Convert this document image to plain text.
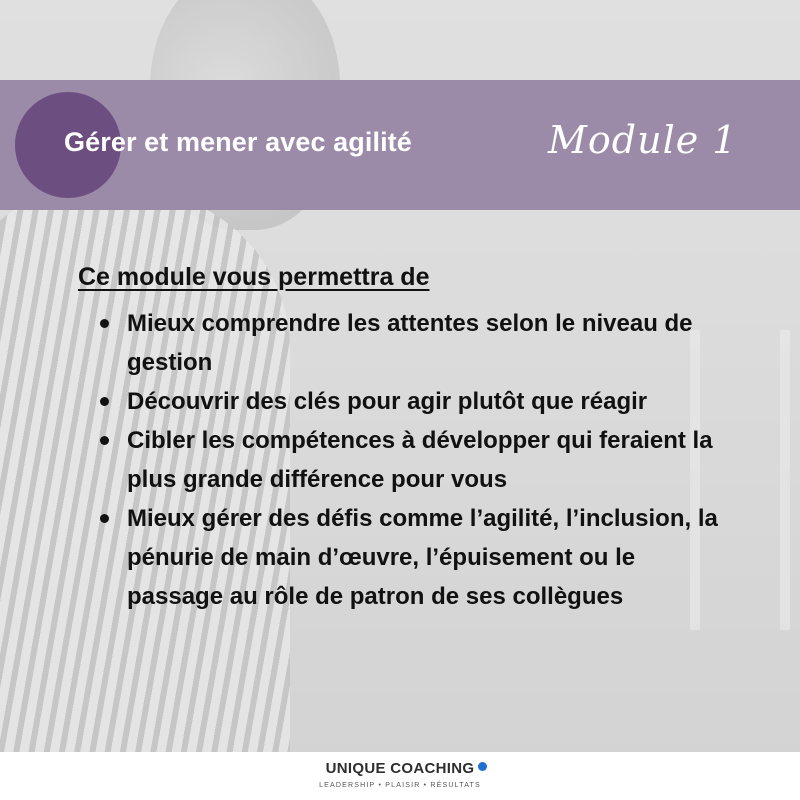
Gérer et mener avec agilité	Module 1
Ce module vous permettra de
Mieux comprendre les attentes selon le niveau de gestion
Découvrir des clés pour agir plutôt que réagir
Cibler les compétences à développer qui feraient la plus grande différence pour vous
Mieux gérer des défis comme l’agilité, l’inclusion, la pénurie de main d’œuvre, l’épuisement ou le passage au rôle de patron de ses collègues
UNIQUE COACHING
LEADERSHIP • PLAISIR • RÉSULTATS
